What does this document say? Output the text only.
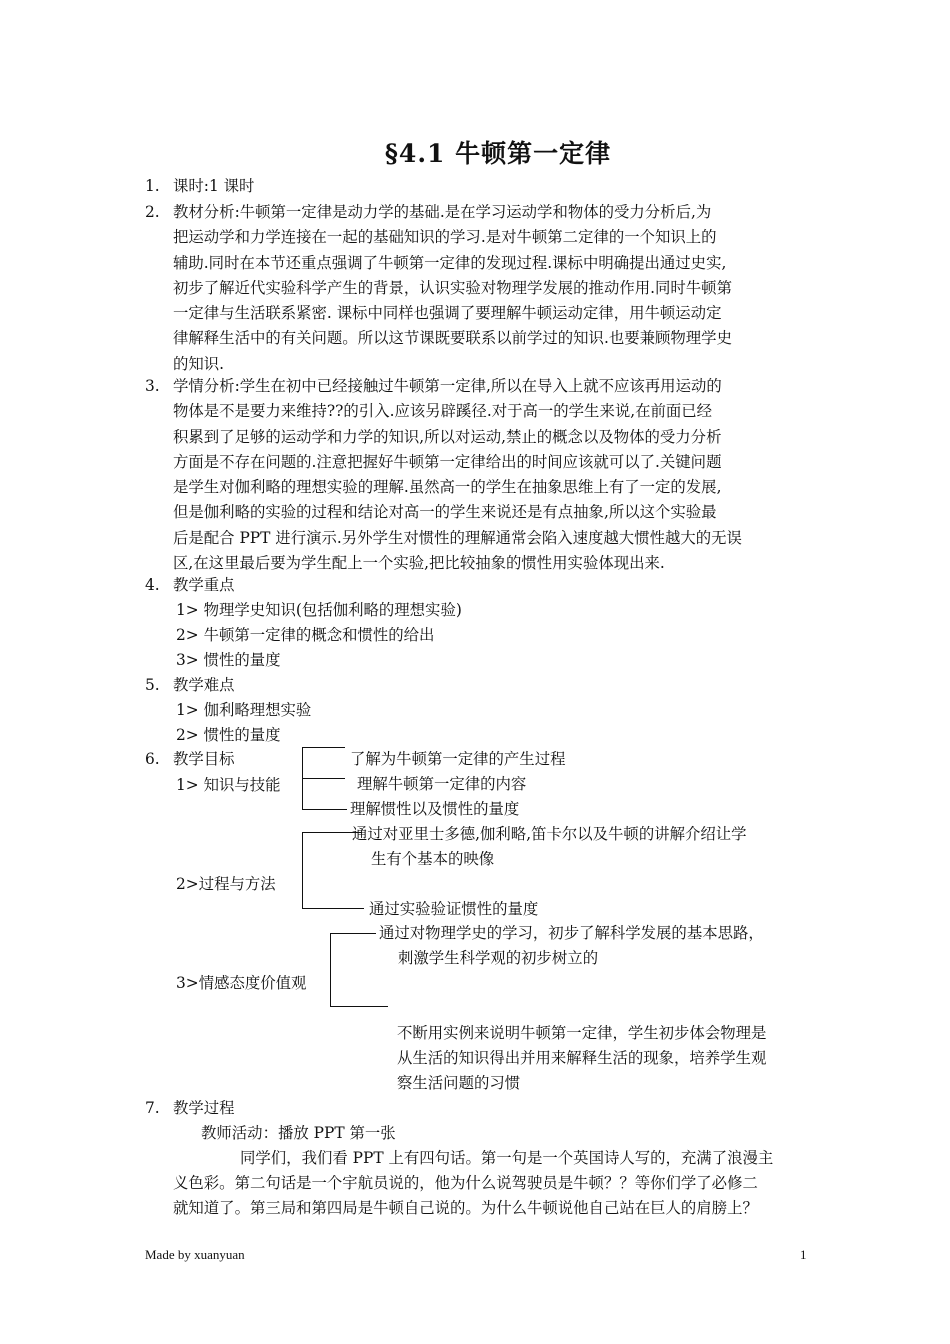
§4.1 牛顿第一定律
1. 课时:1 课时
2. 教材分析:牛顿第一定律是动力学的基础.是在学习运动学和物体的受力分析后,为
把运动学和力学连接在一起的基础知识的学习.是对牛顿第二定律的一个知识上的
辅助.同时在本节还重点强调了牛顿第一定律的发现过程.课标中明确提出通过史实,
初步了解近代实验科学产生的背景，认识实验对物理学发展的推动作用.同时牛顿第
一定律与生活联系紧密. 课标中同样也强调了要理解牛顿运动定律，用牛顿运动定
律解释生活中的有关问题。所以这节课既要联系以前学过的知识.也要兼顾物理学史
的知识.
3. 学情分析:学生在初中已经接触过牛顿第一定律,所以在导入上就不应该再用运动的
物体是不是要力来维持??的引入.应该另辟蹊径.对于高一的学生来说,在前面已经
积累到了足够的运动学和力学的知识,所以对运动,禁止的概念以及物体的受力分析
方面是不存在问题的.注意把握好牛顿第一定律给出的时间应该就可以了.关键问题
是学生对伽利略的理想实验的理解.虽然高一的学生在抽象思维上有了一定的发展,
但是伽利略的实验的过程和结论对高一的学生来说还是有点抽象,所以这个实验最
后是配合 PPT 进行演示.另外学生对惯性的理解通常会陷入速度越大惯性越大的无误
区,在这里最后要为学生配上一个实验,把比较抽象的惯性用实验体现出来.
4. 教学重点
1> 物理学史知识(包括伽利略的理想实验)
2> 牛顿第一定律的概念和惯性的给出
3> 惯性的量度
5. 教学难点
1> 伽利略理想实验
2> 惯性的量度
6. 教学目标
1> 知识与技能
了解为牛顿第一定律的产生过程
理解牛顿第一定律的内容
理解惯性以及惯性的量度
2>过程与方法
通过对亚里士多德,伽利略,笛卡尔以及牛顿的讲解介绍让学
生有个基本的映像
通过实验验证惯性的量度
3>情感态度价值观
通过对物理学史的学习，初步了解科学发展的基本思路，
刺激学生科学观的初步树立的
不断用实例来说明牛顿第一定律，学生初步体会物理是
从生活的知识得出并用来解释生活的现象，培养学生观
察生活问题的习惯
7. 教学过程
教师活动：播放 PPT 第一张
同学们，我们看 PPT 上有四句话。第一句是一个英国诗人写的，充满了浪漫主
义色彩。第二句话是一个宇航员说的，他为什么说驾驶员是牛顿？？等你们学了必修二
就知道了。第三局和第四局是牛顿自己说的。为什么牛顿说他自己站在巨人的肩膀上？
Made by xuanyuan	1
